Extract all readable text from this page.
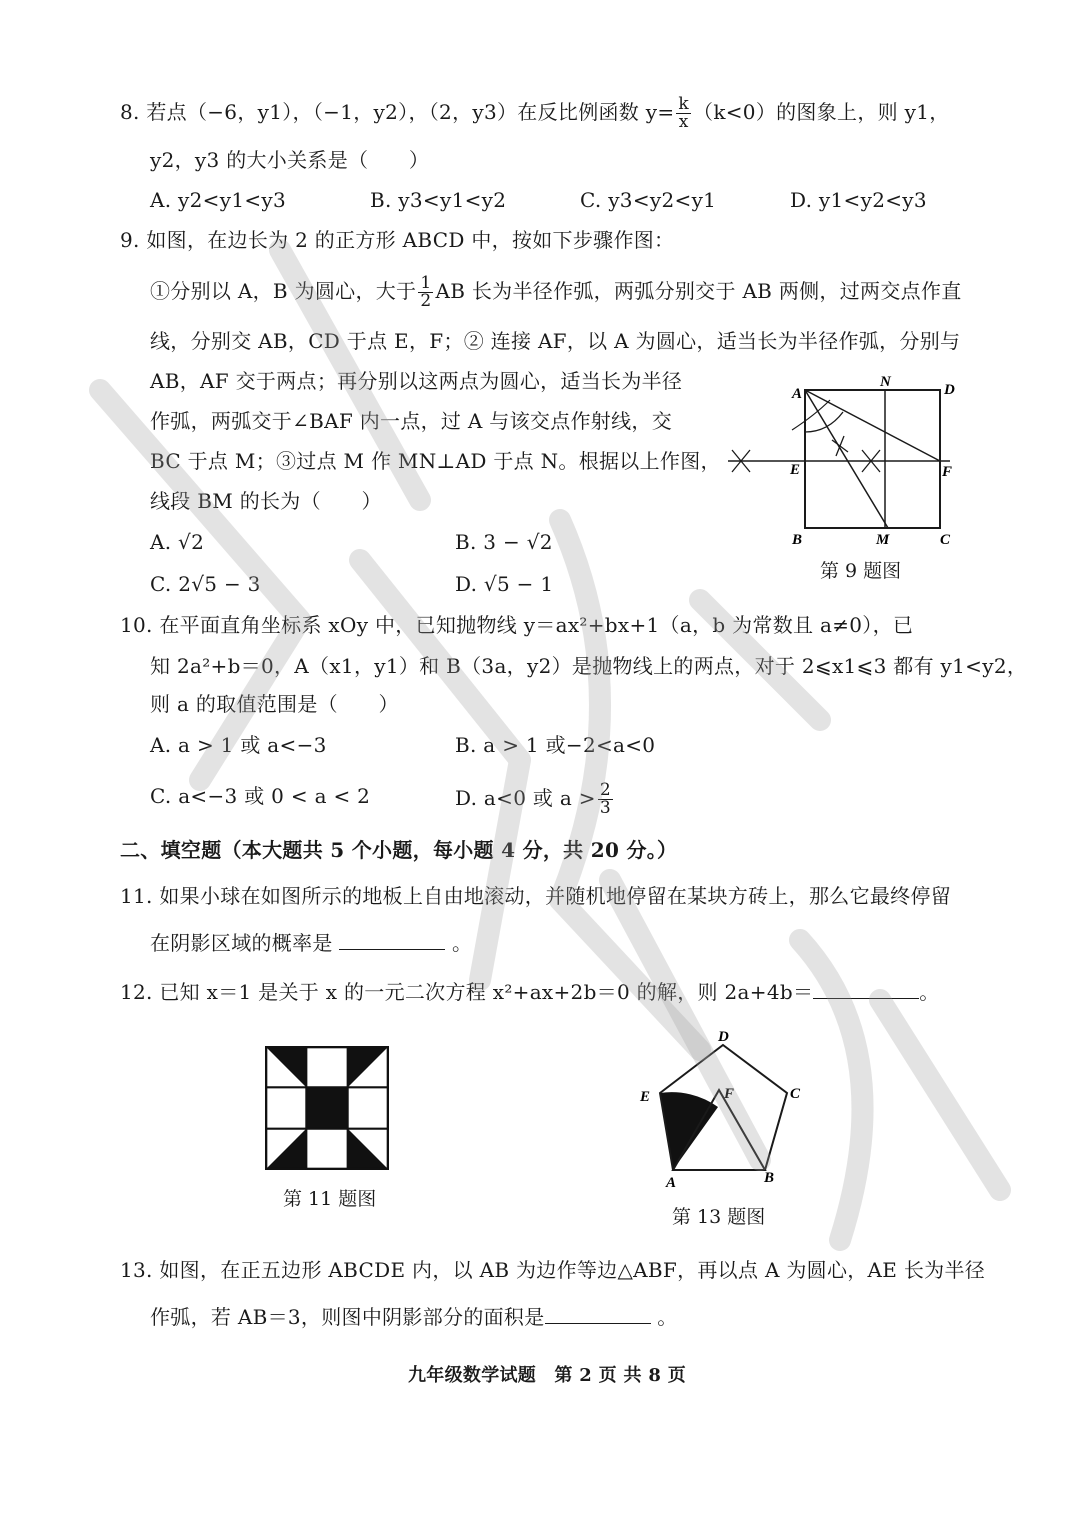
8. 若点（−6，y1），（−1，y2），（2，y3）在反比例函数 $y= \frac{k}{x} (k<0)$的图象上，则 y1，
y2，y3 的大小关系是（　　）
A. y2<y1<y3	B. y3<y1<y2	C. y3<y2<y1	D. y1<y2<y3
9. 如图，在边长为 2 的正方形 ABCD 中，按如下步骤作图：
①分别以 A，B 为圆心，大于 $\frac{1}{2}$ AB 长为半径作弧，两弧分别交于 AB 两侧，过两交点作直
线，分别交 AB，CD 于点 E，F；② 连接 AF，以 A 为圆心，适当长为半径作弧，分别与
AB，AF 交于两点；再分别以这两点为圆心，适当长为半径
作弧，两弧交于∠BAF 内一点，过 A 与该交点作射线，交
BC 于点 M；③过点 M 作 MN⊥AD 于点 N。根据以上作图，
线段 BM 的长为（　　）
A. √2	B. 3 − √2
C. 2√5 − 3	D. √5 − 1
A
N	D
E	F
B	M	C
第 9 题图
10. 在平面直角坐标系 xOy 中，已知抛物线 y＝ax²+bx+1（a，b 为常数且 a≠0），已
知 2a²+b＝0，A（x1，y1）和 B（3a，y2）是抛物线上的两点，对于 2⩽x1⩽3 都有 y1<y2，
则 a 的取值范围是（　　）
A. a > 1 或 a<−3	B. a > 1 或−2<a<0
C. a<−3 或 0 < a < 2	D. a<0 或 $a > \frac{2}{3}$
二、填空题（本大题共 5 个小题，每小题 4 分，共 20 分。）
11. 如果小球在如图所示的地板上自由地滚动，并随机地停留在某块方砖上，那么它最终停留
在阴影区域的概率是	。
12. 已知 x＝1 是关于 x 的一元二次方程 x²+ax+2b＝0 的解，则 2a+4b＝	。
第 11 题图
D
E	F	C
A	B
第 13 题图
13. 如图，在正五边形 ABCDE 内，以 AB 为边作等边△ABF，再以点 A 为圆心，AE 长为半径
作弧，若 AB＝3，则图中阴影部分的面积是	。
九年级数学试题　第 2 页 共 8 页
